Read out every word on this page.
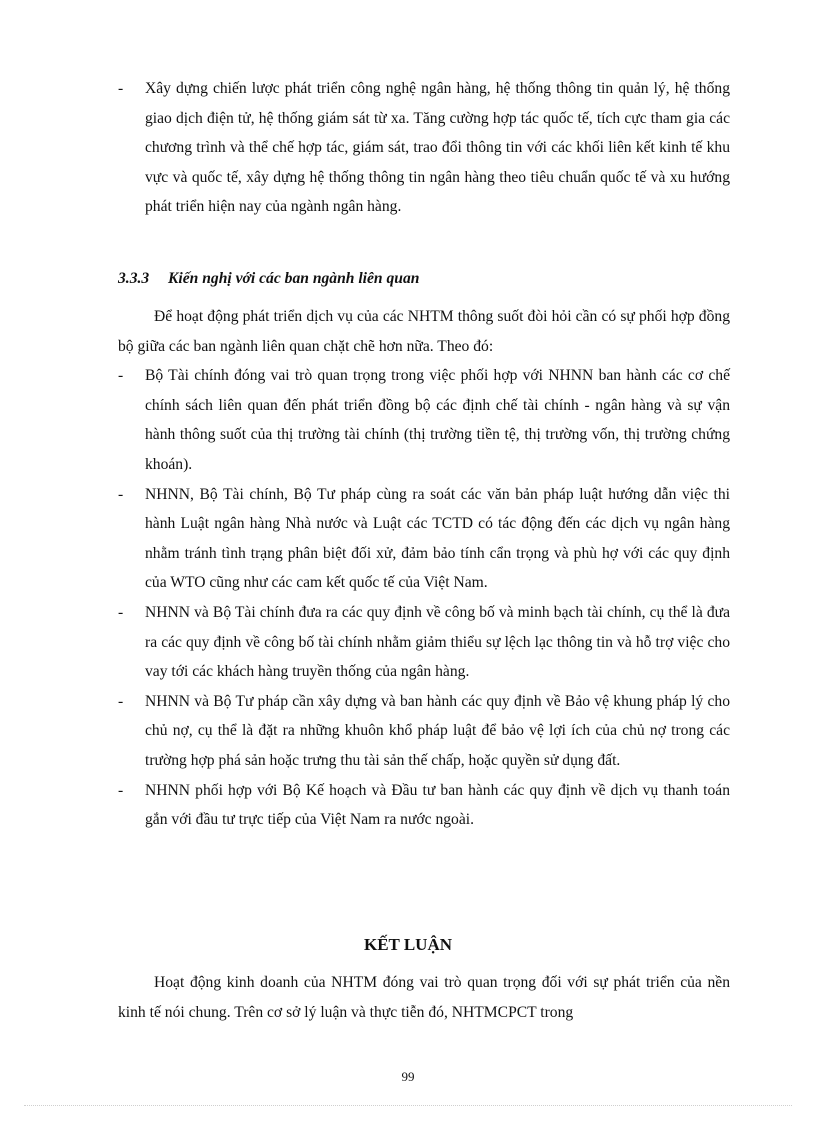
- Xây dựng chiến lược phát triển công nghệ ngân hàng, hệ thống thông tin quản lý, hệ thống giao dịch điện tử, hệ thống giám sát từ xa. Tăng cường hợp tác quốc tế, tích cực tham gia các chương trình và thể chế hợp tác, giám sát, trao đổi thông tin với các khối liên kết kinh tế khu vực và quốc tế, xây dựng hệ thống thông tin ngân hàng theo tiêu chuẩn quốc tế và xu hướng phát triển hiện nay của ngành ngân hàng.
3.3.3 Kiến nghị với các ban ngành liên quan
Để hoạt động phát triển dịch vụ của các NHTM thông suốt đòi hỏi cần có sự phối hợp đồng bộ giữa các ban ngành liên quan chặt chẽ hơn nữa. Theo đó:
- Bộ Tài chính đóng vai trò quan trọng trong việc phối hợp với NHNN ban hành các cơ chế chính sách liên quan đến phát triển đồng bộ các định chế tài chính - ngân hàng và sự vận hành thông suốt của thị trường tài chính (thị trường tiền tệ, thị trường vốn, thị trường chứng khoán).
- NHNN, Bộ Tài chính, Bộ Tư pháp cùng ra soát các văn bản pháp luật hướng dẫn việc thi hành Luật ngân hàng Nhà nước và Luật các TCTD có tác động đến các dịch vụ ngân hàng nhằm tránh tình trạng phân biệt đối xử, đảm bảo tính cẩn trọng và phù hợ với các quy định của WTO cũng như các cam kết quốc tế của Việt Nam.
- NHNN và Bộ Tài chính đưa ra các quy định về công bố và minh bạch tài chính, cụ thể là đưa ra các quy định về công bố tài chính nhằm giảm thiểu sự lệch lạc thông tin và hỗ trợ việc cho vay tới các khách hàng truyền thống của ngân hàng.
- NHNN và Bộ Tư pháp cần xây dựng và ban hành các quy định về Bảo vệ khung pháp lý cho chủ nợ, cụ thể là đặt ra những khuôn khổ pháp luật để bảo vệ lợi ích của chủ nợ trong các trường hợp phá sản hoặc trưng thu tài sản thế chấp, hoặc quyền sử dụng đất.
- NHNN phối hợp với Bộ Kế hoạch và Đầu tư ban hành các quy định về dịch vụ thanh toán gắn với đầu tư trực tiếp của Việt Nam ra nước ngoài.
KẾT LUẬN
Hoạt động kinh doanh của NHTM đóng vai trò quan trọng đối với sự phát triển của nền kinh tế nói chung. Trên cơ sở lý luận và thực tiễn đó, NHTMCPCT trong
99
